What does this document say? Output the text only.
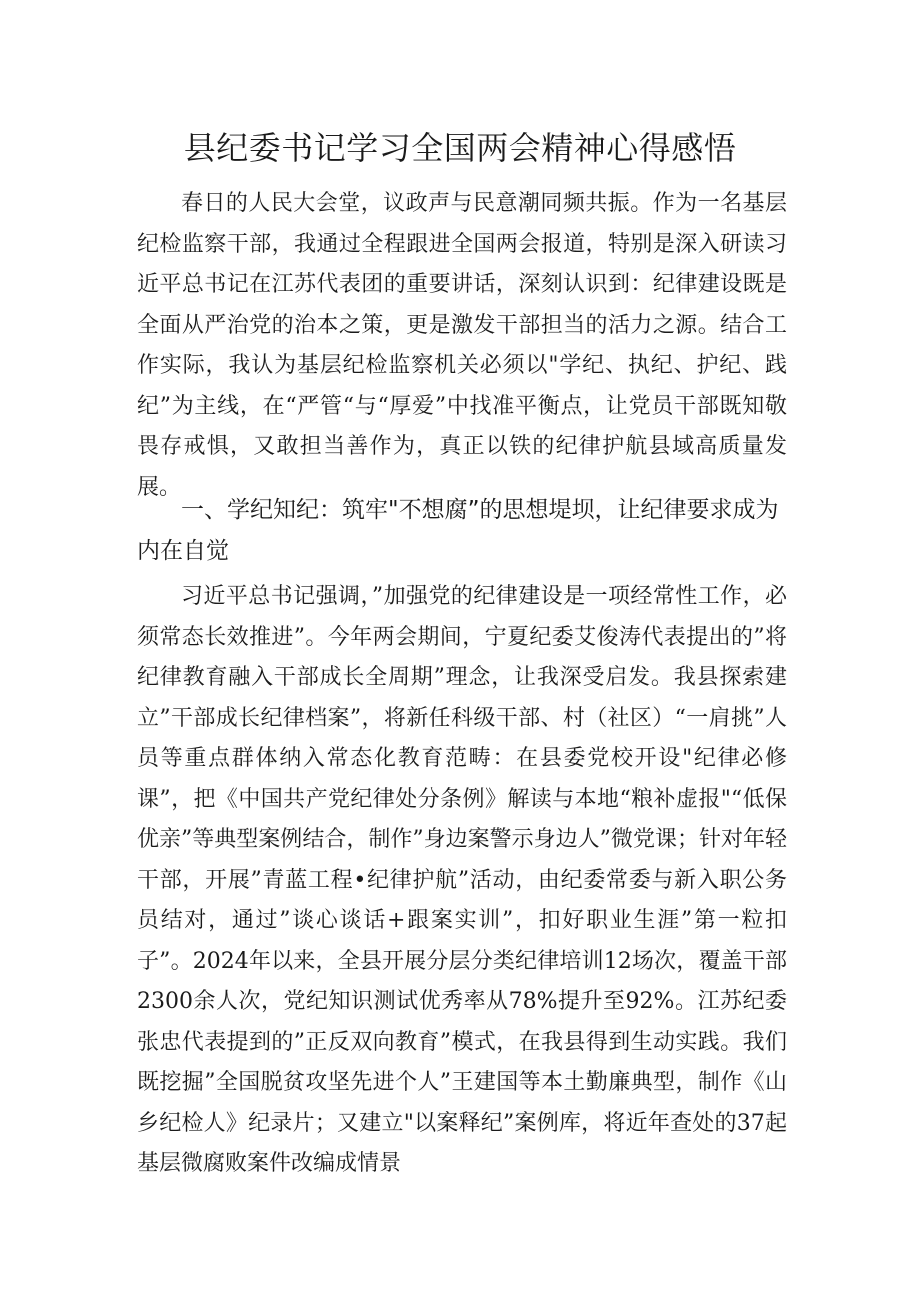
县纪委书记学习全国两会精神心得感悟

春日的人民大会堂，议政声与民意潮同频共振。作为一名基层纪检监察干部，我通过全程跟进全国两会报道，特别是深入研读习近平总书记在江苏代表团的重要讲话，深刻认识到：纪律建设既是全面从严治党的治本之策，更是激发干部担当的活力之源。结合工作实际，我认为基层纪检监察机关必须以"学纪、执纪、护纪、践纪”为主线，在“严管“与“厚爱”中找准平衡点，让党员干部既知敬畏存戒惧，又敢担当善作为，真正以铁的纪律护航县域高质量发展。

一、学纪知纪：筑牢"不想腐”的思想堤坝，让纪律要求成为内在自觉

习近平总书记强调，”加强党的纪律建设是一项经常性工作，必须常态长效推进”。今年两会期间，宁夏纪委艾俊涛代表提出的”将纪律教育融入干部成长全周期”理念，让我深受启发。我县探索建立”干部成长纪律档案”，将新任科级干部、村（社区）“一肩挑”人员等重点群体纳入常态化教育范畴：在县委党校开设"纪律必修课”，把《中国共产党纪律处分条例》解读与本地“粮补虚报"“低保优亲”等典型案例结合，制作”身边案警示身边人”微党课；针对年轻干部，开展”青蓝工程•纪律护航”活动，由纪委常委与新入职公务员结对，通过”谈心谈话+跟案实训”，扣好职业生涯”第一粒扣子”。2024年以来，全县开展分层分类纪律培训12场次，覆盖干部2300余人次，党纪知识测试优秀率从78%提升至92%。江苏纪委张忠代表提到的”正反双向教育”模式，在我县得到生动实践。我们既挖掘”全国脱贫攻坚先进个人”王建国等本土勤廉典型，制作《山乡纪检人》纪录片；又建立"以案释纪”案例库，将近年查处的37起基层微腐败案件改编成情景
